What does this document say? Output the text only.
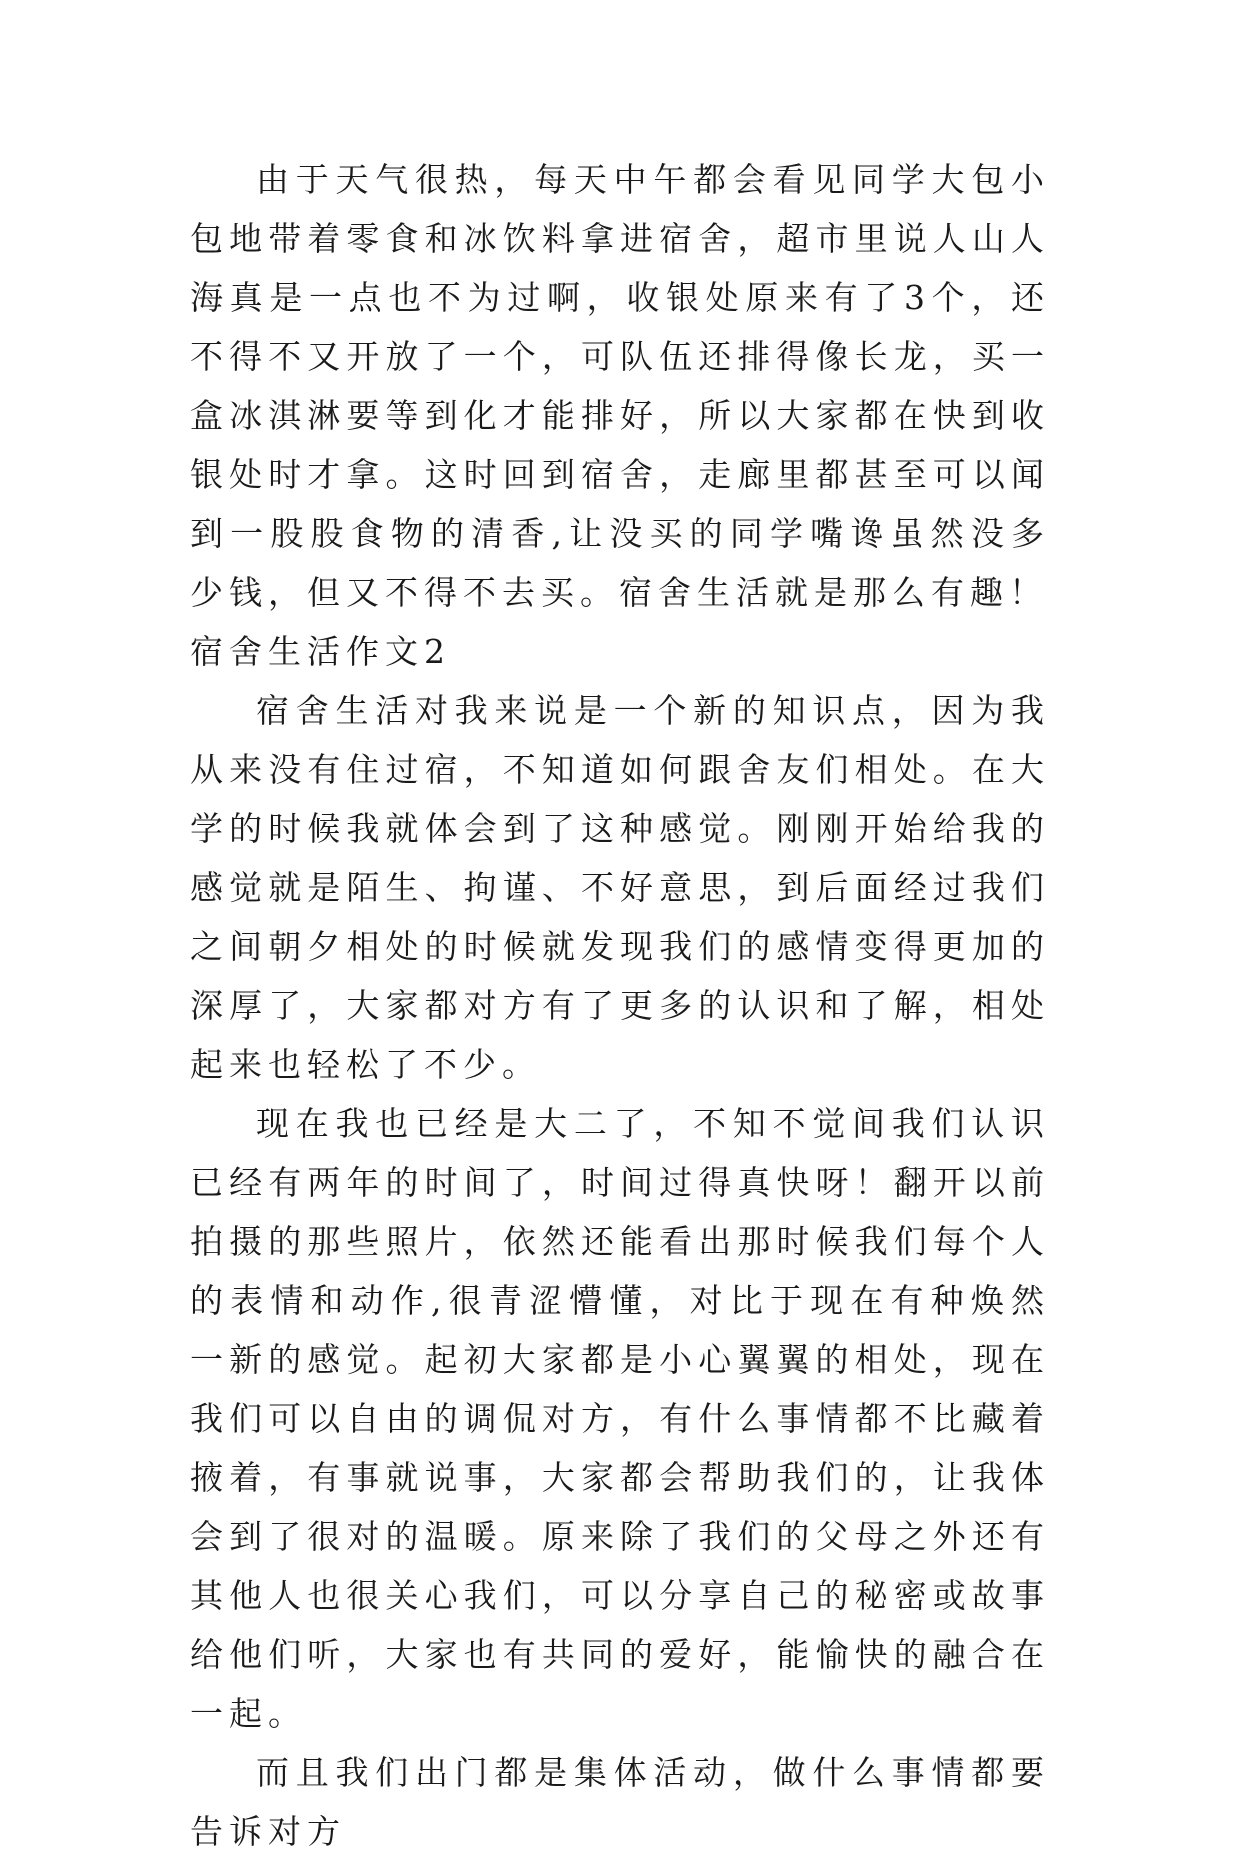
由于天气很热，每天中午都会看见同学大包小包地带着零食和冰饮料拿进宿舍，超市里说人山人海真是一点也不为过啊，收银处原来有了3个，还不得不又开放了一个，可队伍还排得像长龙，买一盒冰淇淋要等到化才能排好，所以大家都在快到收银处时才拿。这时回到宿舍，走廊里都甚至可以闻到一股股食物的清香,让没买的同学嘴谗虽然没多少钱，但又不得不去买。宿舍生活就是那么有趣！

宿舍生活作文2

宿舍生活对我来说是一个新的知识点，因为我从来没有住过宿，不知道如何跟舍友们相处。在大学的时候我就体会到了这种感觉。刚刚开始给我的感觉就是陌生、拘谨、不好意思，到后面经过我们之间朝夕相处的时候就发现我们的感情变得更加的深厚了，大家都对方有了更多的认识和了解，相处起来也轻松了不少。

现在我也已经是大二了，不知不觉间我们认识已经有两年的时间了，时间过得真快呀！翻开以前拍摄的那些照片，依然还能看出那时候我们每个人的表情和动作,很青涩懵懂，对比于现在有种焕然一新的感觉。起初大家都是小心翼翼的相处，现在我们可以自由的调侃对方，有什么事情都不比藏着掖着，有事就说事，大家都会帮助我们的，让我体会到了很对的温暖。原来除了我们的父母之外还有其他人也很关心我们，可以分享自己的秘密或故事给他们听，大家也有共同的爱好，能愉快的融合在一起。

而且我们出门都是集体活动，做什么事情都要告诉对方
